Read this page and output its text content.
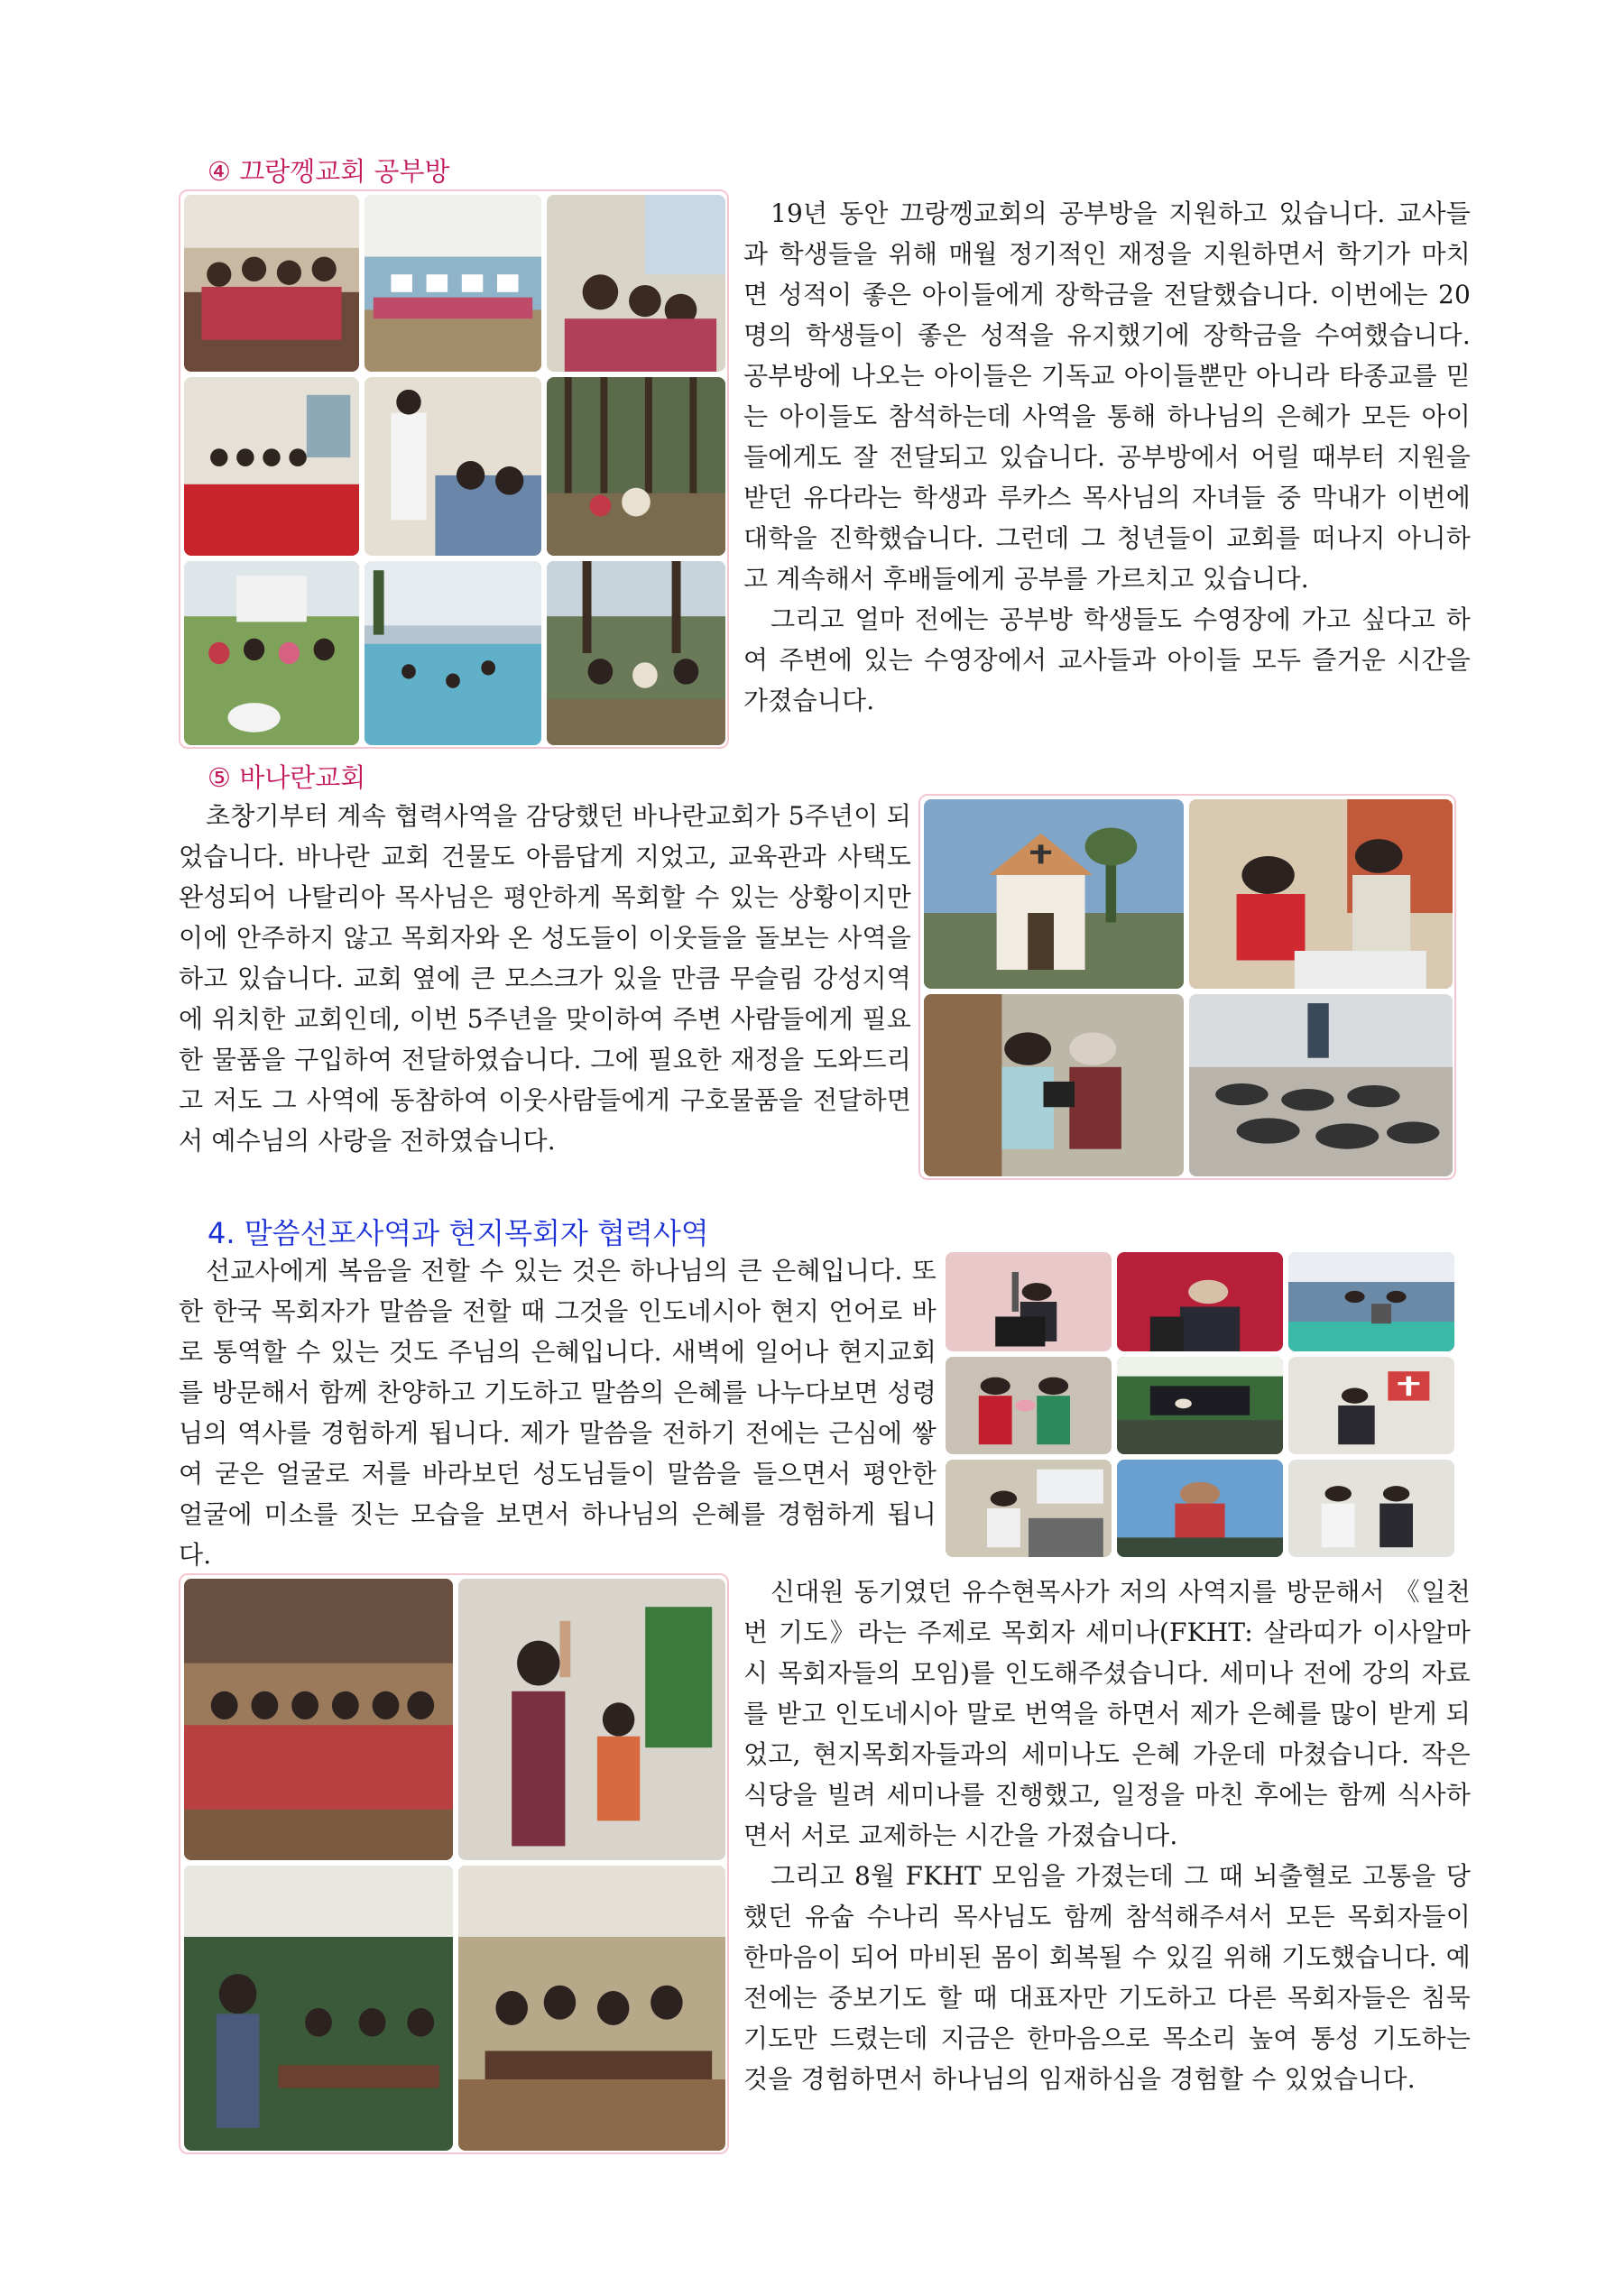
④ 끄랑껭교회 공부방

19년 동안 끄랑껭교회의 공부방을 지원하고 있습니다. 교사들과 학생들을 위해 매월 정기적인 재정을 지원하면서 학기가 마치면 성적이 좋은 아이들에게 장학금을 전달했습니다. 이번에는 20명의 학생들이 좋은 성적을 유지했기에 장학금을 수여했습니다. 공부방에 나오는 아이들은 기독교 아이들뿐만 아니라 타종교를 믿는 아이들도 참석하는데 사역을 통해 하나님의 은혜가 모든 아이들에게도 잘 전달되고 있습니다. 공부방에서 어릴 때부터 지원을 받던 유다라는 학생과 루카스 목사님의 자녀들 중 막내가 이번에 대학을 진학했습니다. 그런데 그 청년들이 교회를 떠나지 아니하고 계속해서 후배들에게 공부를 가르치고 있습니다.

그리고 얼마 전에는 공부방 학생들도 수영장에 가고 싶다고 하여 주변에 있는 수영장에서 교사들과 아이들 모두 즐거운 시간을 가졌습니다.

⑤ 바나란교회

초창기부터 계속 협력사역을 감당했던 바나란교회가 5주년이 되었습니다. 바나란 교회 건물도 아름답게 지었고, 교육관과 사택도 완성되어 나탈리아 목사님은 평안하게 목회할 수 있는 상황이지만 이에 안주하지 않고 목회자와 온 성도들이 이웃들을 돌보는 사역을 하고 있습니다. 교회 옆에 큰 모스크가 있을 만큼 무슬림 강성지역에 위치한 교회인데, 이번 5주년을 맞이하여 주변 사람들에게 필요한 물품을 구입하여 전달하였습니다. 그에 필요한 재정을 도와드리고 저도 그 사역에 동참하여 이웃사람들에게 구호물품을 전달하면서 예수님의 사랑을 전하였습니다.

4. 말씀선포사역과 현지목회자 협력사역

선교사에게 복음을 전할 수 있는 것은 하나님의 큰 은혜입니다. 또한 한국 목회자가 말씀을 전할 때 그것을 인도네시아 현지 언어로 바로 통역할 수 있는 것도 주님의 은혜입니다. 새벽에 일어나 현지교회를 방문해서 함께 찬양하고 기도하고 말씀의 은혜를 나누다보면 성령님의 역사를 경험하게 됩니다. 제가 말씀을 전하기 전에는 근심에 쌓여 굳은 얼굴로 저를 바라보던 성도님들이 말씀을 들으면서 평안한 얼굴에 미소를 짓는 모습을 보면서 하나님의 은혜를 경험하게 됩니다.

신대원 동기였던 유수현목사가 저의 사역지를 방문해서 《일천번 기도》라는 주제로 목회자 세미나(FKHT: 살라띠가 이사알마시 목회자들의 모임)를 인도해주셨습니다. 세미나 전에 강의 자료를 받고 인도네시아 말로 번역을 하면서 제가 은혜를 많이 받게 되었고, 현지목회자들과의 세미나도 은혜 가운데 마쳤습니다. 작은 식당을 빌려 세미나를 진행했고, 일정을 마친 후에는 함께 식사하면서 서로 교제하는 시간을 가졌습니다.

그리고 8월 FKHT 모임을 가졌는데 그 때 뇌출혈로 고통을 당했던 유숩 수나리 목사님도 함께 참석해주셔서 모든 목회자들이 한마음이 되어 마비된 몸이 회복될 수 있길 위해 기도했습니다. 예전에는 중보기도 할 때 대표자만 기도하고 다른 목회자들은 침묵 기도만 드렸는데 지금은 한마음으로 목소리 높여 통성 기도하는 것을 경험하면서 하나님의 임재하심을 경험할 수 있었습니다.
